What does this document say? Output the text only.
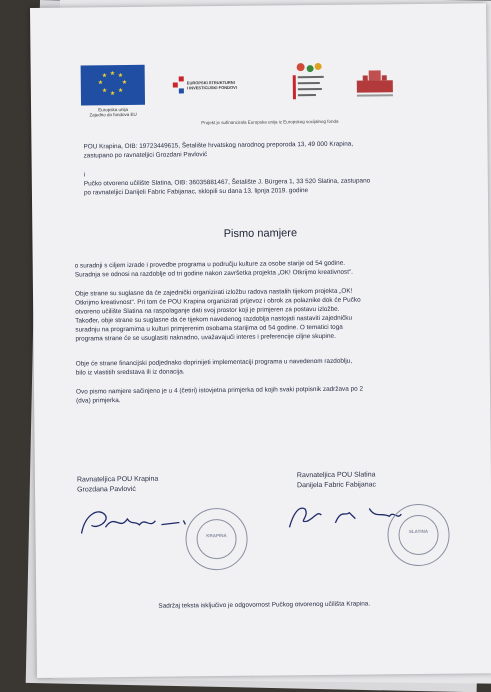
★ ★
★
★
★
★
★
★
Europska unija
Zajedno do fondova EU
EUROPSKI STRUKTURNI
I INVESTICIJSKI FONDOVI
Projekt je sufinancirala Europska unija iz Europskog socijalnog fonda
POU Krapina, OIB: 19723449615, Šetalište hrvatskog narodnog preporoda 13, 49 000 Krapina,
zastupano po ravnateljici Grozdani Pavlović
i
Pučko otvoreno učilište Slatina, OIB: 36035881467, Šetalište J. Bürgera 1, 33 520 Slatina, zastupano
po ravnateljici Danijeli Fabric Fabijanac, sklopili su dana 13. lipnja 2019. godine
Pismo namjere
o suradnji s ciljem izrade i provedbe programa u području kulture za osobe starije od 54 godine.
Suradnja se odnosi na razdoblje od tri godine nakon završetka projekta „OK! Otkrijmo kreativnost“.
Obje strane su suglasne da će zajednički organizirati izložbu radova nastalih tijekom projekta „OK!
Otkrijmo kreativnost“. Pri tom će POU Krapina organizirati prijevoz i obrok za polaznike dok će Pučko
otvoreno učilište Slatina na raspolaganje dati svoj prostor koji je primjeren za postavu izložbe.
Također, obje strane su suglasne da će tijekom navedenog razdoblja nastojati nastaviti zajedničku
suradnju na programima u kulturi primjerenim osobama starijima od 54 godine. O tematici toga
programa strane će se usuglasiti naknadno, uvažavajući interes i preferencije ciljne skupine.
Obje će strane financijski podjednako doprinijeti implementaciji programa u navedenom razdoblju,
bilo iz vlastitih sredstava ili iz donacija.
Ovo pismo namjere sačinjeno je u 4 (četiri) istovjetna primjerka od kojih svaki potpisnik zadržava po 2
(dva) primjerka.
Ravnateljica POU Krapina
Grozdana Pavlović
Ravnateljica POU Slatina
Danijela Fabric Fabijanac
KRAPINA
SLATINA
Sadržaj teksta isključivo je odgovornost Pučkog otvorenog učilišta Krapina.
